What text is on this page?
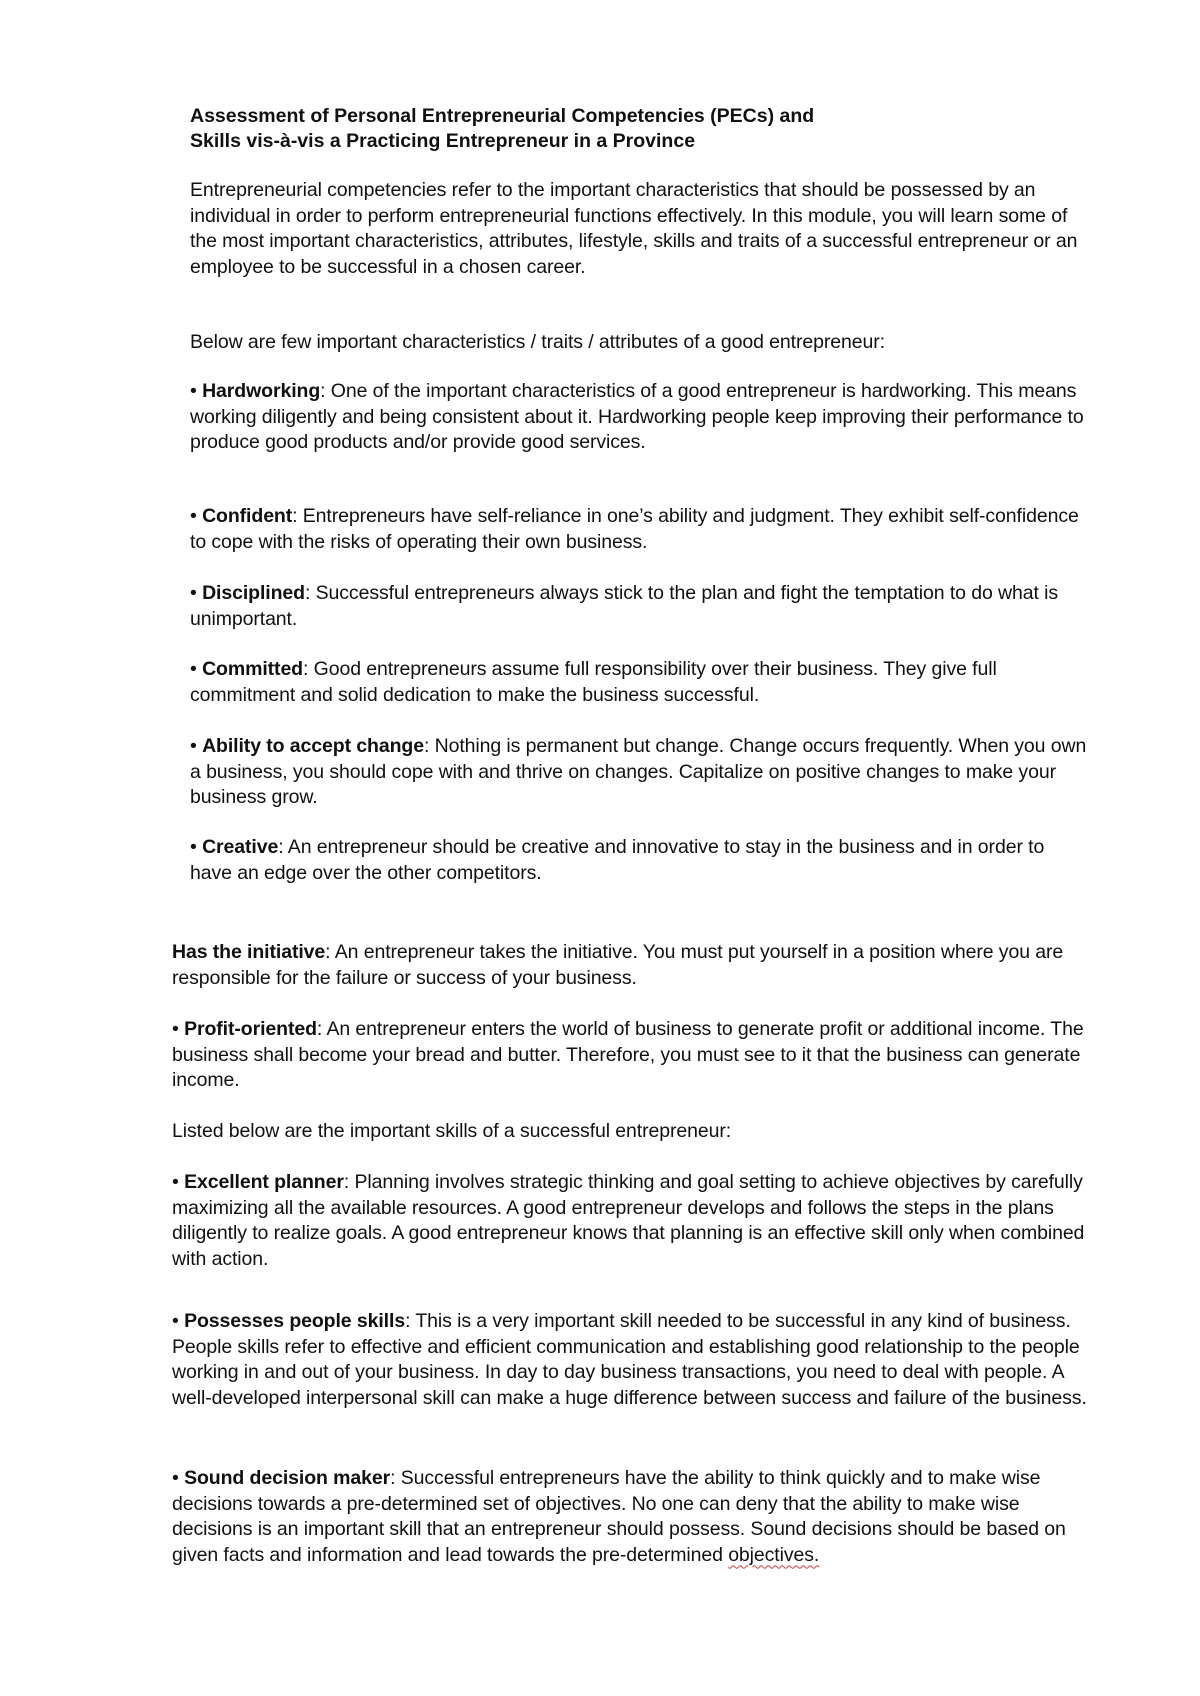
Assessment of Personal Entrepreneurial Competencies (PECs) and
Skills vis-à-vis a Practicing Entrepreneur in a Province

Entrepreneurial competencies refer to the important characteristics that should be possessed by an individual in order to perform entrepreneurial functions effectively. In this module, you will learn some of the most important characteristics, attributes, lifestyle, skills and traits of a successful entrepreneur or an employee to be successful in a chosen career.

Below are few important characteristics / traits / attributes of a good entrepreneur:

• Hardworking: One of the important characteristics of a good entrepreneur is hardworking. This means working diligently and being consistent about it. Hardworking people keep improving their performance to produce good products and/or provide good services.

• Confident: Entrepreneurs have self-reliance in one’s ability and judgment. They exhibit self-confidence to cope with the risks of operating their own business.

• Disciplined: Successful entrepreneurs always stick to the plan and fight the temptation to do what is unimportant.

• Committed: Good entrepreneurs assume full responsibility over their business. They give full commitment and solid dedication to make the business successful.

• Ability to accept change: Nothing is permanent but change. Change occurs frequently. When you own a business, you should cope with and thrive on changes. Capitalize on positive changes to make your business grow.

• Creative: An entrepreneur should be creative and innovative to stay in the business and in order to have an edge over the other competitors.

Has the initiative: An entrepreneur takes the initiative. You must put yourself in a position where you are responsible for the failure or success of your business.

• Profit-oriented: An entrepreneur enters the world of business to generate profit or additional income. The business shall become your bread and butter. Therefore, you must see to it that the business can generate income.

Listed below are the important skills of a successful entrepreneur:

• Excellent planner: Planning involves strategic thinking and goal setting to achieve objectives by carefully maximizing all the available resources. A good entrepreneur develops and follows the steps in the plans diligently to realize goals. A good entrepreneur knows that planning is an effective skill only when combined with action.

• Possesses people skills: This is a very important skill needed to be successful in any kind of business. People skills refer to effective and efficient communication and establishing good relationship to the people working in and out of your business. In day to day business transactions, you need to deal with people. A well-developed interpersonal skill can make a huge difference between success and failure of the business.

• Sound decision maker: Successful entrepreneurs have the ability to think quickly and to make wise decisions towards a pre-determined set of objectives. No one can deny that the ability to make wise decisions is an important skill that an entrepreneur should possess. Sound decisions should be based on given facts and information and lead towards the pre-determined objectives.
